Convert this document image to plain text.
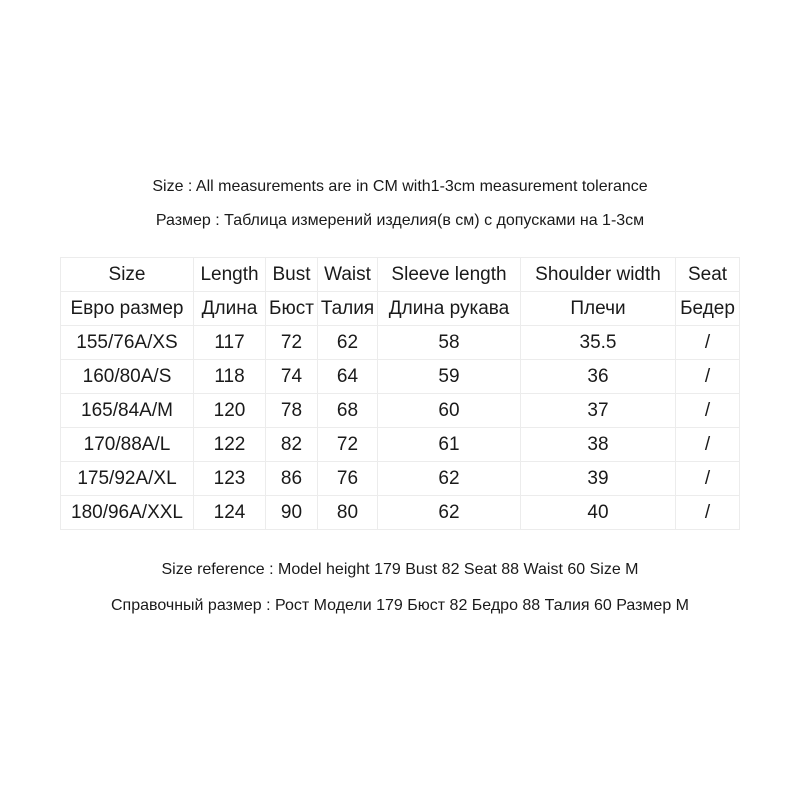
Size : All measurements are in CM with1-3cm measurement tolerance
Размер : Таблица измерений изделия(в см) с допусками на 1-3см
Size	Length	Bust	Waist	Sleeve length	Shoulder width	Seat
Евро размер	Длина	Бюст	Талия	Длина рукава	Плечи	Бедер
155/76A/XS	117	72	62	58	35.5	/
160/80A/S	118	74	64	59	36	/
165/84A/M	120	78	68	60	37	/
170/88A/L	122	82	72	61	38	/
175/92A/XL	123	86	76	62	39	/
180/96A/XXL	124	90	80	62	40	/
Size reference : Model height 179 Bust 82 Seat 88 Waist 60 Size M
Справочный размер : Рост Модели 179 Бюст 82 Бедро 88 Талия 60 Размер M
